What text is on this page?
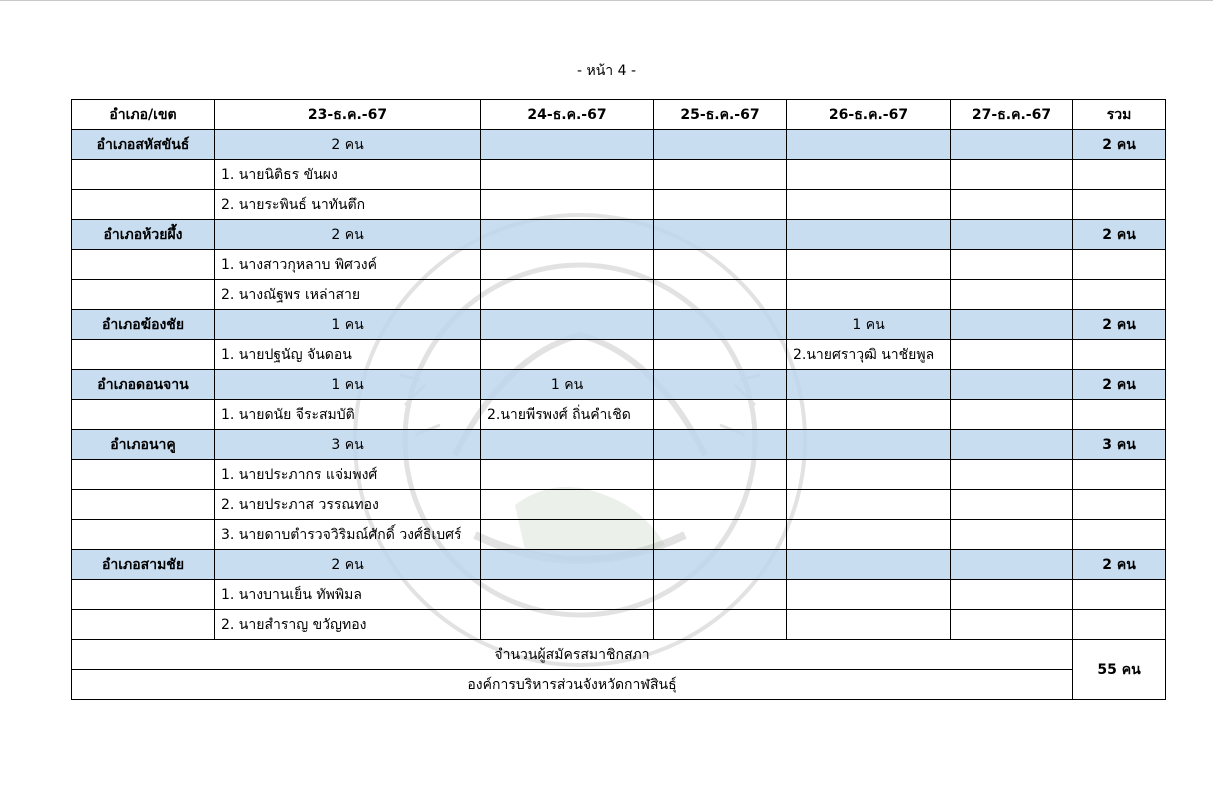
- หน้า 4 -
อำเภอ/เขต	23-ธ.ค.-67	24-ธ.ค.-67	25-ธ.ค.-67	26-ธ.ค.-67	27-ธ.ค.-67	รวม
อำเภอสหัสขันธ์	2 คน					2 คน
	1. นายนิติธร ขันผง					
	2. นายระพินธ์ นาทันตึก					
อำเภอห้วยผึ้ง	2 คน					2 คน
	1. นางสาวกุหลาบ พิศวงค์					
	2. นางณัฐพร เหล่าสาย					
อำเภอฆ้องชัย	1 คน			1 คน		2 คน
	1. นายปฐนัญ จันดอน			2.นายศราวุฒิ นาชัยพูล		
อำเภอดอนจาน	1 คน	1 คน				2 คน
	1. นายดนัย จีระสมบัติ	2.นายพีรพงศ์ ถิ่นคำเชิด				
อำเภอนาคู	3 คน					3 คน
	1. นายประภากร แจ่มพงศ์					
	2. นายประภาส วรรณทอง					
	3. นายดาบตำรวจวิริมณ์ศักดิ์ วงศ์ธิเบศร์					
อำเภอสามชัย	2 คน					2 คน
	1. นางบานเย็น ทัพพิมล					
	2. นายสำราญ ขวัญทอง					
จำนวนผู้สมัครสมาชิกสภา						55 คน
องค์การบริหารส่วนจังหวัดกาฬสินธุ์						
